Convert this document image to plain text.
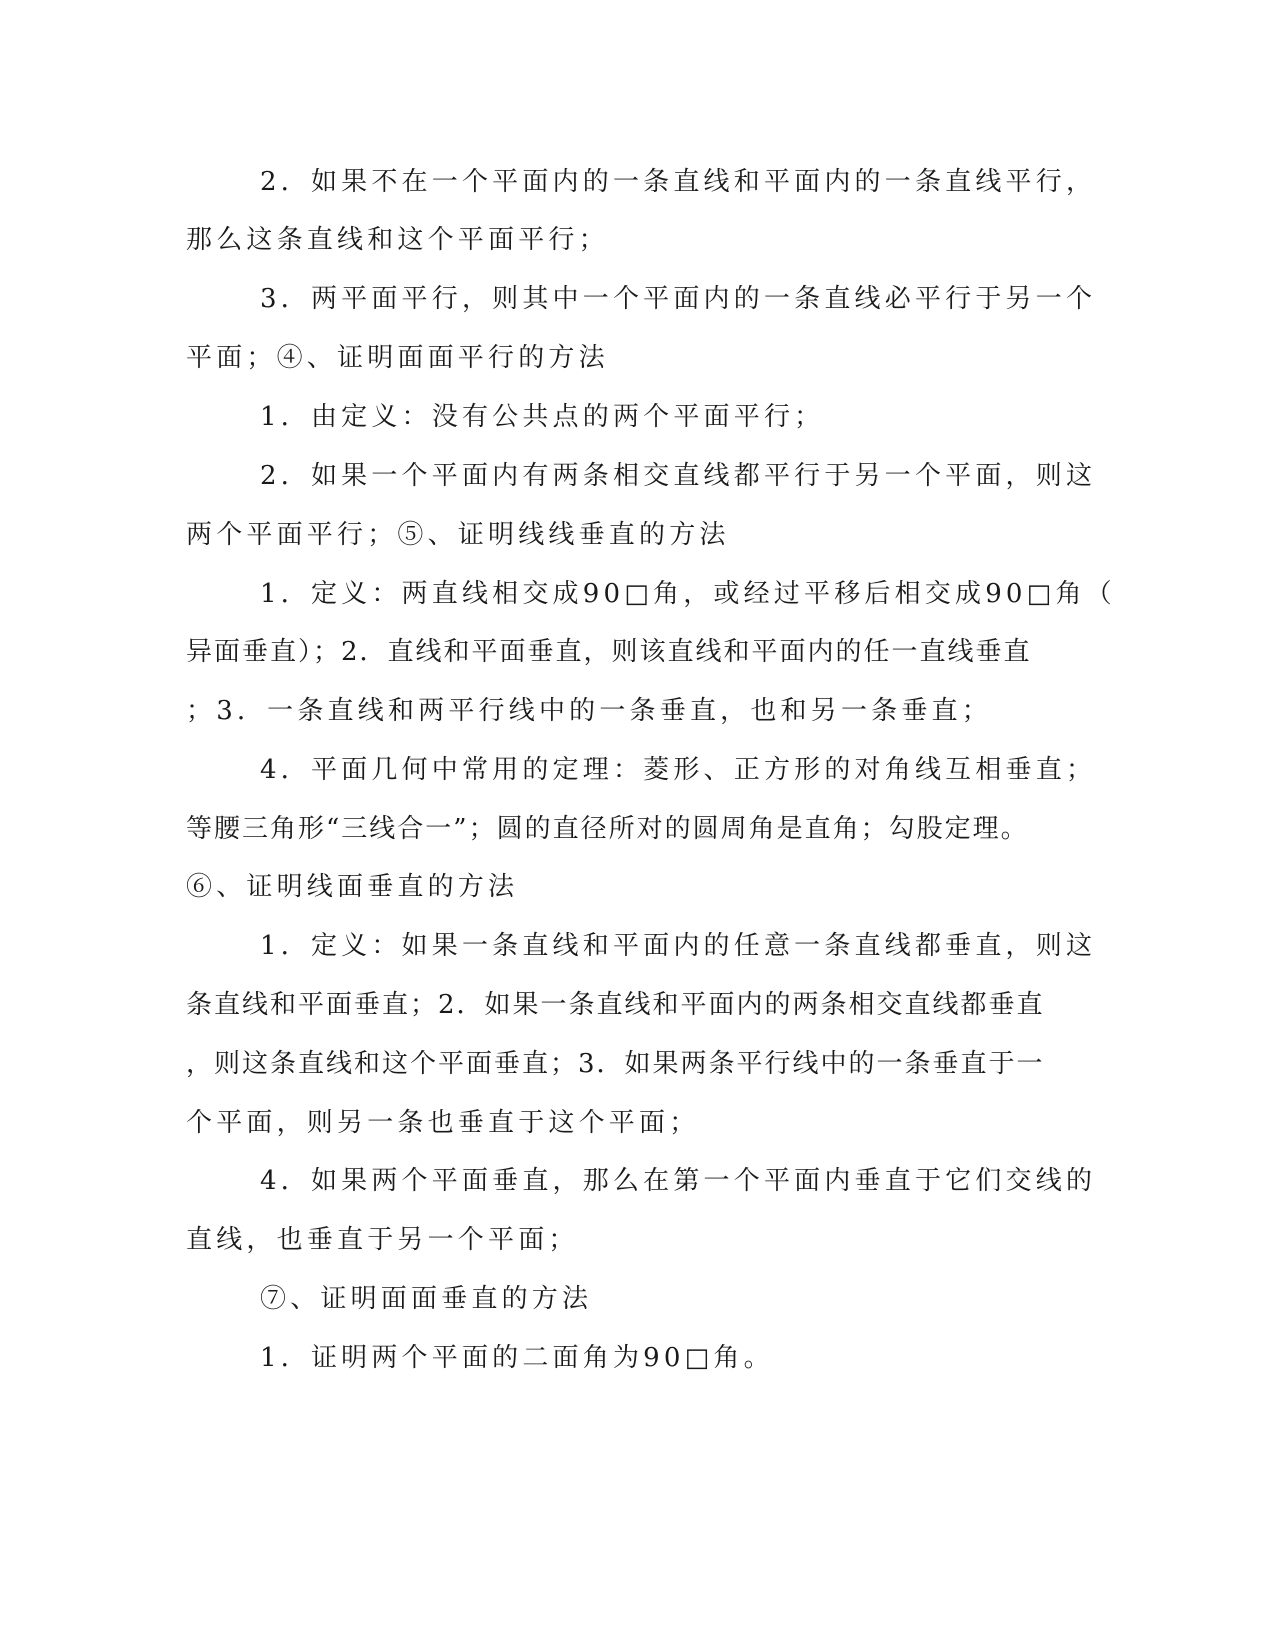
2．如果不在一个平面内的一条直线和平面内的一条直线平行，
那么这条直线和这个平面平行；
3．两平面平行，则其中一个平面内的一条直线必平行于另一个
平面；④、证明面面平行的方法
1．由定义：没有公共点的两个平面平行；
2．如果一个平面内有两条相交直线都平行于另一个平面，则这
两个平面平行；⑤、证明线线垂直的方法
1．定义：两直线相交成90□角，或经过平移后相交成90□角（
异面垂直）；2．直线和平面垂直，则该直线和平面内的任一直线垂直
；3．一条直线和两平行线中的一条垂直，也和另一条垂直；
4．平面几何中常用的定理：菱形、正方形的对角线互相垂直；
等腰三角形“三线合一”；圆的直径所对的圆周角是直角；勾股定理。
⑥、证明线面垂直的方法
1．定义：如果一条直线和平面内的任意一条直线都垂直，则这
条直线和平面垂直；2．如果一条直线和平面内的两条相交直线都垂直
，则这条直线和这个平面垂直；3．如果两条平行线中的一条垂直于一
个平面，则另一条也垂直于这个平面；
4．如果两个平面垂直，那么在第一个平面内垂直于它们交线的
直线，也垂直于另一个平面；
⑦、证明面面垂直的方法
1．证明两个平面的二面角为90□角。
